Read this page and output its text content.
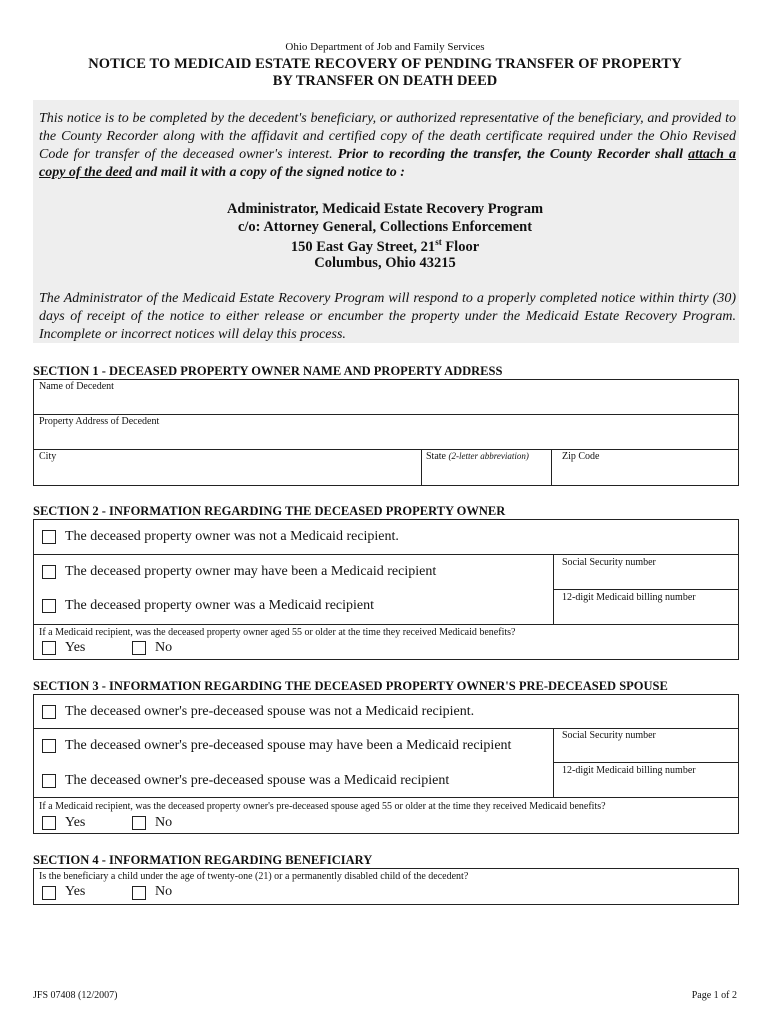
Ohio Department of Job and Family Services
NOTICE TO MEDICAID ESTATE RECOVERY OF PENDING TRANSFER OF PROPERTY
BY TRANSFER ON DEATH DEED
This notice is to be completed by the decedent's beneficiary, or authorized representative of the beneficiary, and provided to the County Recorder along with the affidavit and certified copy of the death certificate required under the Ohio Revised Code for transfer of the deceased owner's interest. Prior to recording the transfer, the County Recorder shall attach a copy of the deed and mail it with a copy of the signed notice to :
Administrator, Medicaid Estate Recovery Program
c/o: Attorney General, Collections Enforcement
150 East Gay Street, 21st Floor
Columbus, Ohio 43215
The Administrator of the Medicaid Estate Recovery Program will respond to a properly completed notice within thirty (30) days of receipt of the notice to either release or encumber the property under the Medicaid Estate Recovery Program. Incomplete or incorrect notices will delay this process.
SECTION 1 - DECEASED PROPERTY OWNER NAME AND PROPERTY ADDRESS
Name of Decedent
Property Address of Decedent
City	State (2-letter abbreviation)	Zip Code
SECTION 2 - INFORMATION REGARDING THE DECEASED PROPERTY OWNER
The deceased property owner was not a Medicaid recipient.
The deceased property owner may have been a Medicaid recipient
The deceased property owner was a Medicaid recipient
Social Security number
12-digit Medicaid billing number
If a Medicaid recipient, was the deceased property owner aged 55 or older at the time they received Medicaid benefits?
Yes	No
SECTION 3 - INFORMATION REGARDING THE DECEASED PROPERTY OWNER'S PRE-DECEASED SPOUSE
The deceased owner's pre-deceased spouse was not a Medicaid recipient.
The deceased owner's pre-deceased spouse may have been a Medicaid recipient
The deceased owner's pre-deceased spouse was a Medicaid recipient
Social Security number
12-digit Medicaid billing number
If a Medicaid recipient, was the deceased property owner's pre-deceased spouse aged 55 or older at the time they received Medicaid benefits?
Yes	No
SECTION 4 - INFORMATION REGARDING BENEFICIARY
Is the beneficiary a child under the age of twenty-one (21) or a permanently disabled child of the decedent?
Yes	No
JFS 07408 (12/2007)	Page 1 of 2
